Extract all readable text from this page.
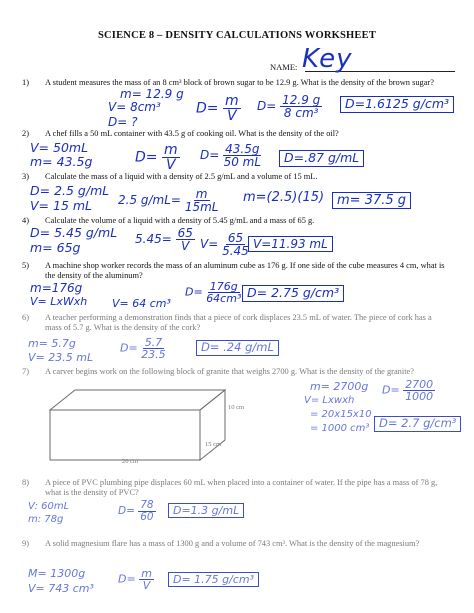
SCIENCE 8 – DENSITY CALCULATIONS WORKSHEET
NAME: Key
1) A student measures the mass of an 8 cm³ block of brown sugar to be 12.9 g. What is the density of the brown sugar?
m= 12.9 g
V= 8cm³
D= ?
$D= \frac{m}{V} D= \frac{12.9 g}{\text{8 cm³}}$	D=1.6125 g/cm³
2) A chef fills a 50 mL container with 43.5 g of cooking oil. What is the density of the oil?
V= 50mL
m= 43.5g	$D= \frac{m}{V} D= \frac{43.5g}{50 mL}$	D=.87 g/mL
3) Calculate the mass of a liquid with a density of 2.5 g/mL and a volume of 15 mL.
D= 2.5 g/mL
V= 15 mL 2.5 $g/mL= \frac{m}{15mL} m=(2.5)(15)$ m= 37.5 g
4) Calculate the volume of a liquid with a density of 5.45 g/mL and a mass of 65 g.
D= 5.45 g/mL
m= 65g
$5.45= \frac{65}{V} V= \frac{65}{5.45} V=11.93$ mL
5) A machine shop worker records the mass of an aluminum cube as 176 g. If one side of the cube measures 4 cm, what is the density of the aluminum?
m=176g
V= LxWxh V= 64 cm³
$D= \frac{176g}{\text{64cm³}} D= 2.75$ g/cm³
6) A teacher performing a demonstration finds that a piece of cork displaces 23.5 mL of water. The piece of cork has a mass of 5.7 g. What is the density of the cork?
m= 5.7g
V= 23.5 mL
$D= \frac{5.7}{23.5}$	D= .24 g/mL
7) A carver begins work on the following block of granite that weighs 2700 g. What is the density of the granite?
10 cm
15 cm
20 cm
m= 2700g
V= Lxwxh
= 20x15x10
= 1000 cm³
$D= \frac{2700}{1000}$
D= 2.7 g/cm³
8) A piece of PVC plumbing pipe displaces 60 mL when placed into a container of water. If the pipe has a mass of 78 g, what is the density of PVC?
V: 60mL
m: 78g
$D= \frac{78}{60}$	D=1.3 g/mL
9) A solid magnesium flare has a mass of 1300 g and a volume of 743 cm³. What is the density of the magnesium?
M= 1300g
V= 743 cm³
$D= \frac{m}{V}$	D= 1.75 g/cm³
